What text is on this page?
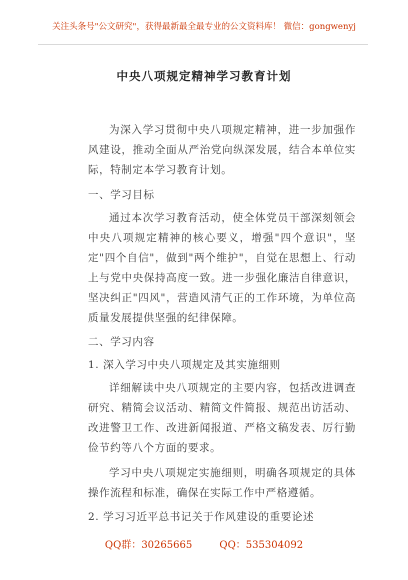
关注头条号"公文研究"，获得最新最全最专业的公文资料库！ 微信：gongwenyj
中央八项规定精神学习教育计划

为深入学习贯彻中央八项规定精神，进一步加强作风建设，推动全面从严治党向纵深发展，结合本单位实际，特制定本学习教育计划。

一、学习目标

通过本次学习教育活动，使全体党员干部深刻领会中央八项规定精神的核心要义，增强"四个意识"，坚定"四个自信"，做到"两个维护"，自觉在思想上、行动上与党中央保持高度一致。进一步强化廉洁自律意识，坚决纠正"四风"，营造风清气正的工作环境，为单位高质量发展提供坚强的纪律保障。

二、学习内容

1. 深入学习中央八项规定及其实施细则

详细解读中央八项规定的主要内容，包括改进调查研究、精简会议活动、精简文件简报、规范出访活动、改进警卫工作、改进新闻报道、严格文稿发表、厉行勤俭节约等八个方面的要求。

学习中央八项规定实施细则，明确各项规定的具体操作流程和标准，确保在实际工作中严格遵循。

2. 学习习近平总书记关于作风建设的重要论述

QQ群：30265665	QQ：535304092
